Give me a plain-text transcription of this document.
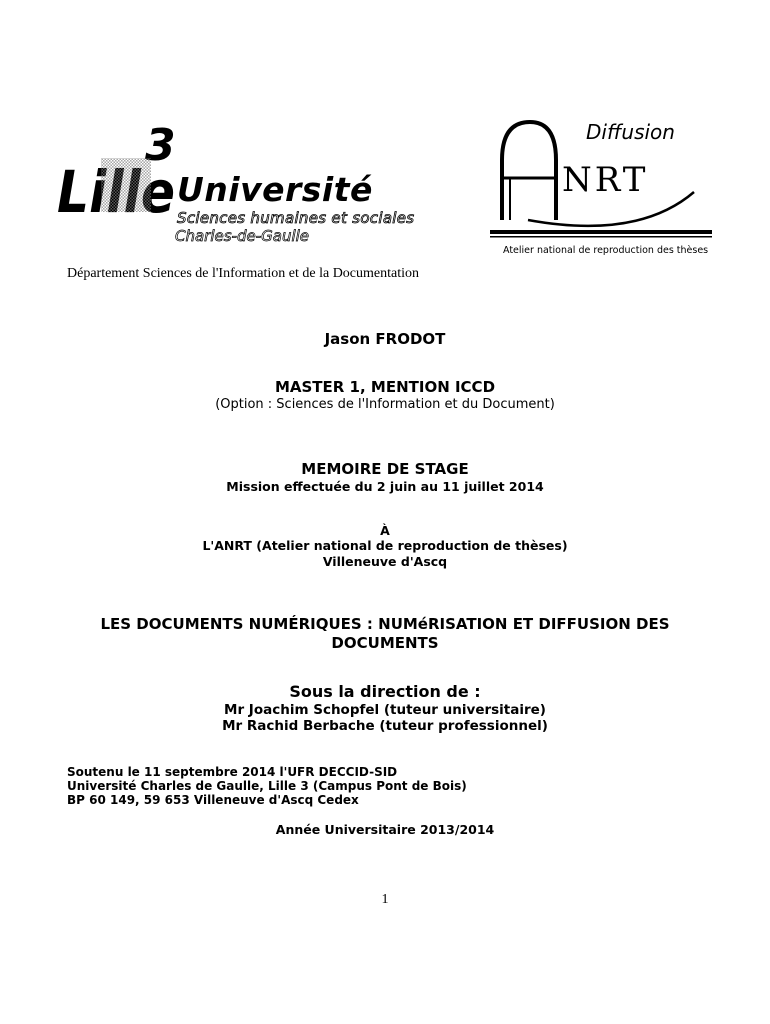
3
Lille Université
Sciences humaines et sociales
Charles-de-Gaulle
Diffusion
NRT
Atelier national de reproduction des thèses
Département Sciences de l'Information et de la Documentation
Jason FRODOT
MASTER 1, MENTION ICCD
(Option : Sciences de l'Information et du Document)
MEMOIRE DE STAGE
Mission effectuée du 2 juin au 11 juillet 2014
À
L'ANRT (Atelier national de reproduction de thèses)
Villeneuve d'Ascq
LES DOCUMENTS NUMÉRIQUES : NUMéRISATION ET DIFFUSION DES DOCUMENTS
Sous la direction de :
Mr Joachim Schopfel (tuteur universitaire)
Mr Rachid Berbache (tuteur professionnel)
Soutenu le 11 septembre 2014 l'UFR DECCID-SID
Université Charles de Gaulle, Lille 3 (Campus Pont de Bois)
BP 60 149, 59 653 Villeneuve d'Ascq Cedex
Année Universitaire 2013/2014
1
